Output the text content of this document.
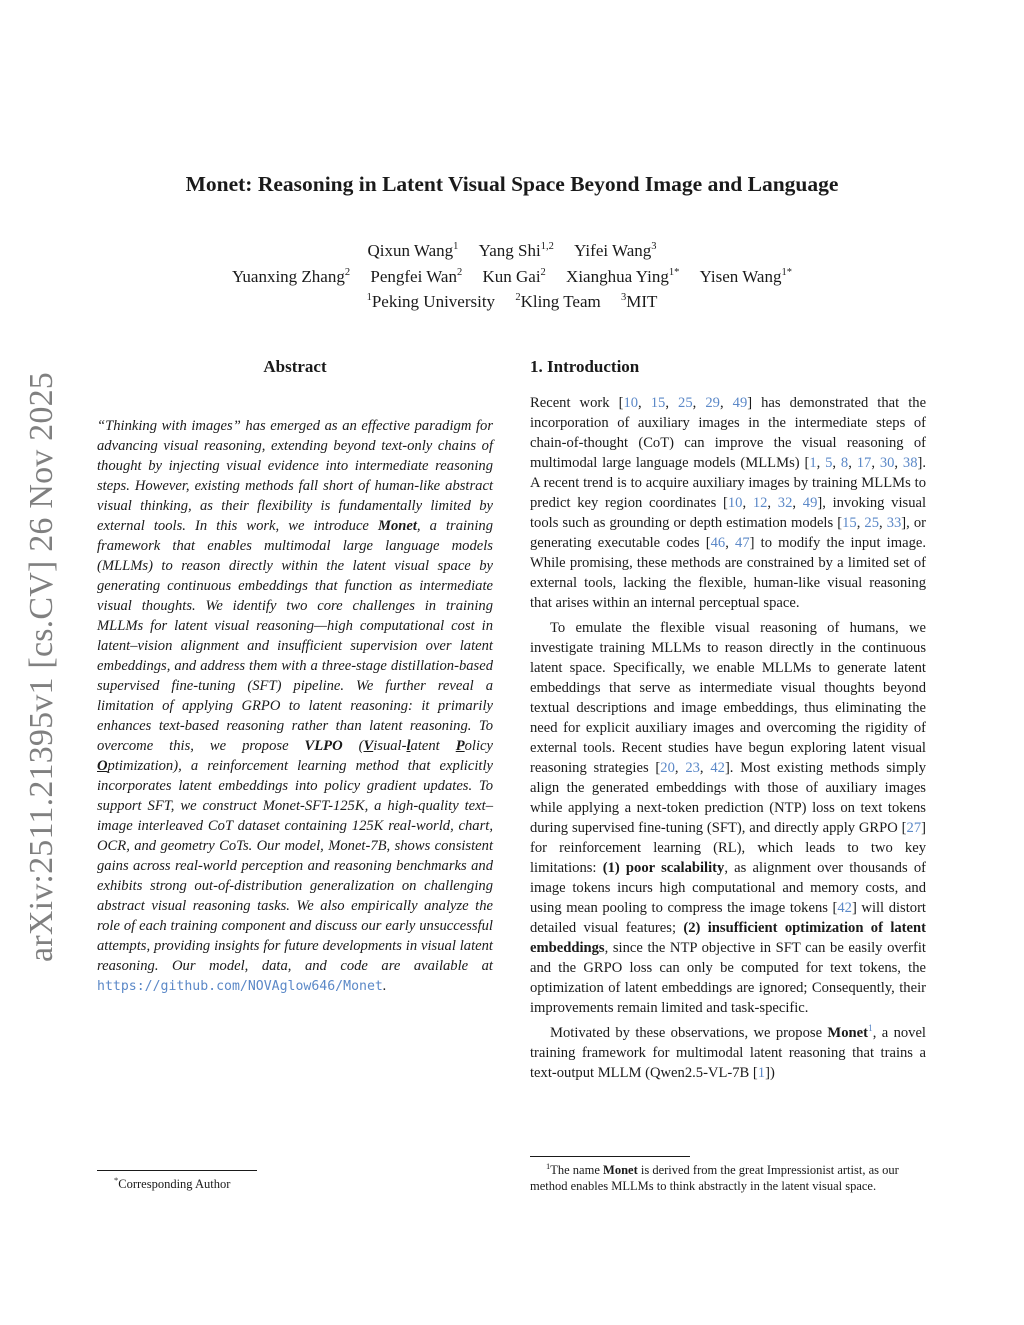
arXiv:2511.21395v1 [cs.CV] 26 Nov 2025
Monet: Reasoning in Latent Visual Space Beyond Image and Language
Qixun Wang$^1$ Yang Shi$^{1,2}$ Yifei Wang$^3$
Yuanxing Zhang$^2$ Pengfei Wan$^2$ Kun Gai$^2$ Xianghua Ying$^{1*}$ Yisen Wang$^{1*}$
$^1$Peking University $^2$Kling Team $^3$MIT
Abstract

“Thinking with images” has emerged as an effective paradigm for advancing visual reasoning, extending beyond text-only chains of thought by injecting visual evidence into intermediate reasoning steps. However, existing methods fall short of human-like abstract visual thinking, as their flexibility is fundamentally limited by external tools. In this work, we introduce Monet, a training framework that enables multimodal large language models (MLLMs) to reason directly within the latent visual space by generating continuous embeddings that function as intermediate visual thoughts. We identify two core challenges in training MLLMs for latent visual reasoning—high computational cost in latent–vision alignment and insufficient supervision over latent embeddings, and address them with a three-stage distillation-based supervised fine-tuning (SFT) pipeline. We further reveal a limitation of applying GRPO to latent reasoning: it primarily enhances text-based reasoning rather than latent reasoning. To overcome this, we propose VLPO (Visual-latent Policy Optimization), a reinforcement learning method that explicitly incorporates latent embeddings into policy gradient updates. To support SFT, we construct Monet-SFT-125K, a high-quality text–image interleaved CoT dataset containing 125K real-world, chart, OCR, and geometry CoTs. Our model, Monet-7B, shows consistent gains across real-world perception and reasoning benchmarks and exhibits strong out-of-distribution generalization on challenging abstract visual reasoning tasks. We also empirically analyze the role of each training component and discuss our early unsuccessful attempts, providing insights for future developments in visual latent reasoning. Our model, data, and code are available at https://github.com/NOVAglow646/Monet.

1. Introduction

Recent work [10, 15, 25, 29, 49] has demonstrated that the incorporation of auxiliary images in the intermediate steps of chain-of-thought (CoT) can improve the visual reasoning of multimodal large language models (MLLMs) [1, 5, 8, 17, 30, 38]. A recent trend is to acquire auxiliary images by training MLLMs to predict key region coordinates [10, 12, 32, 49], invoking visual tools such as grounding or depth estimation models [15, 25, 33], or generating executable codes [46, 47] to modify the input image. While promising, these methods are constrained by a limited set of external tools, lacking the flexible, human-like visual reasoning that arises within an internal perceptual space.

To emulate the flexible visual reasoning of humans, we investigate training MLLMs to reason directly in the continuous latent space. Specifically, we enable MLLMs to generate latent embeddings that serve as intermediate visual thoughts beyond textual descriptions and image embeddings, thus eliminating the need for explicit auxiliary images and overcoming the rigidity of external tools. Recent studies have begun exploring latent visual reasoning strategies [20, 23, 42]. Most existing methods simply align the generated embeddings with those of auxiliary images while applying a next-token prediction (NTP) loss on text tokens during supervised fine-tuning (SFT), and directly apply GRPO [27] for reinforcement learning (RL), which leads to two key limitations: (1) poor scalability, as alignment over thousands of image tokens incurs high computational and memory costs, and using mean pooling to compress the image tokens [42] will distort detailed visual features; (2) insufficient optimization of latent embeddings, since the NTP objective in SFT can be easily overfit and the GRPO loss can only be computed for text tokens, the optimization of latent embeddings are ignored; Consequently, their improvements remain limited and task-specific.

Motivated by these observations, we propose Monet$^1$, a novel training framework for multimodal latent reasoning that trains a text-output MLLM (Qwen2.5-VL-7B [1])

*Corresponding Author
$^1$The name Monet is derived from the great Impressionist artist, as our method enables MLLMs to think abstractly in the latent visual space.
